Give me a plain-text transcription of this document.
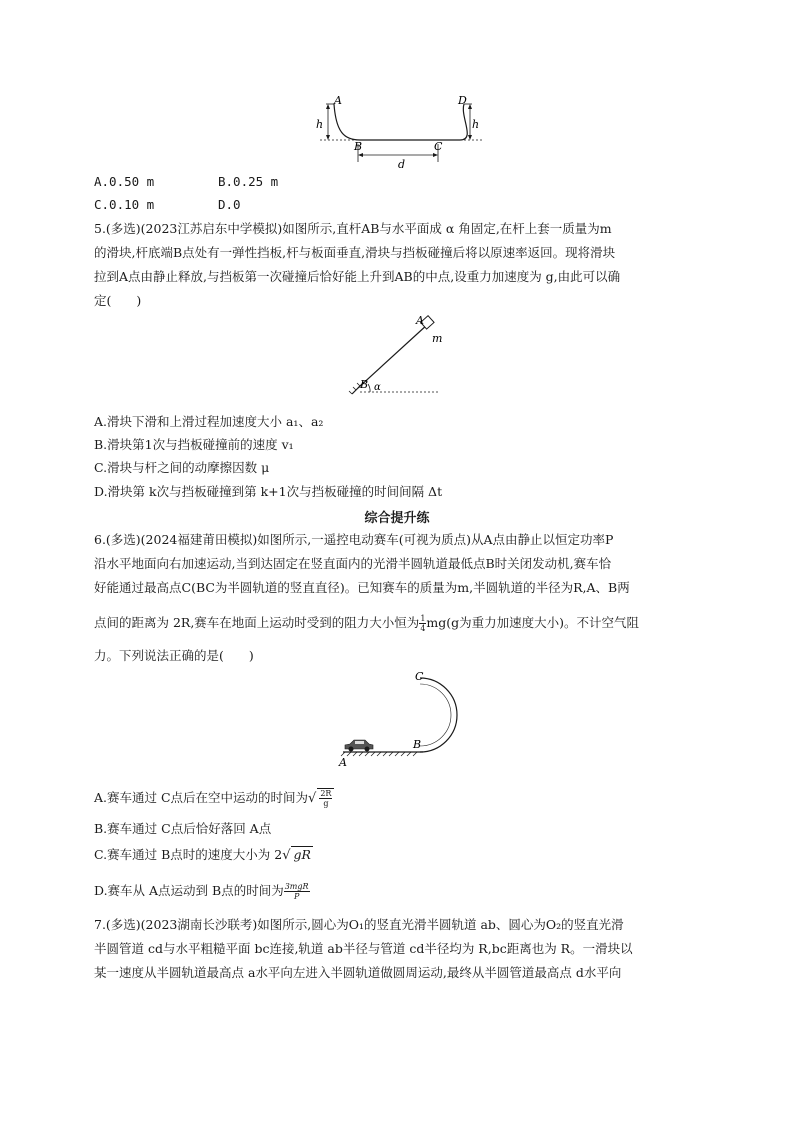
A	D
h	h
B	C
d
A.0.50 m	B.0.25 m
C.0.10 m	D.0
5.(多选)(2023江苏启东中学模拟)如图所示,直杆AB与水平面成 α 角固定,在杆上套一质量为m
的滑块,杆底端B点处有一弹性挡板,杆与板面垂直,滑块与挡板碰撞后将以原速率返回。现将滑块
拉到A点由静止释放,与挡板第一次碰撞后恰好能上升到AB的中点,设重力加速度为 g,由此可以确
定(　　)
A
m
B α
A.滑块下滑和上滑过程加速度大小 a₁、a₂
B.滑块第1次与挡板碰撞前的速度 v₁
C.滑块与杆之间的动摩擦因数 μ
D.滑块第 k次与挡板碰撞到第 k+1次与挡板碰撞的时间间隔 Δt
综合提升练
6.(多选)(2024福建莆田模拟)如图所示,一遥控电动赛车(可视为质点)从A点由静止以恒定功率P
沿水平地面向右加速运动,当到达固定在竖直面内的光滑半圆轨道最低点B时关闭发动机,赛车恰
好能通过最高点C(BC为半圆轨道的竖直直径)。已知赛车的质量为m,半圆轨道的半径为R,A、B两
点间的距离为 2R,赛车在地面上运动时受到的阻力大小恒为 $\frac{1}{4} mg(g$为重力加速度大小)。不计空气阻
力。下列说法正确的是(　　)
C
B
A
A.赛车通过 C点后在空中运动的时间为√ $\frac{2R}{g}$
B.赛车通过 C点后恰好落回 A点
C.赛车通过 B点时的速度大小为 2√ gR
D.赛车从 A点运动到 B点的时间为 $\frac{\text{3mgR}}{P}$
7.(多选)(2023湖南长沙联考)如图所示,圆心为O₁的竖直光滑半圆轨道 ab、圆心为O₂的竖直光滑
半圆管道 cd与水平粗糙平面 bc连接,轨道 ab半径与管道 cd半径均为 R,bc距离也为 R。一滑块以
某一速度从半圆轨道最高点 a水平向左进入半圆轨道做圆周运动,最终从半圆管道最高点 d水平向
